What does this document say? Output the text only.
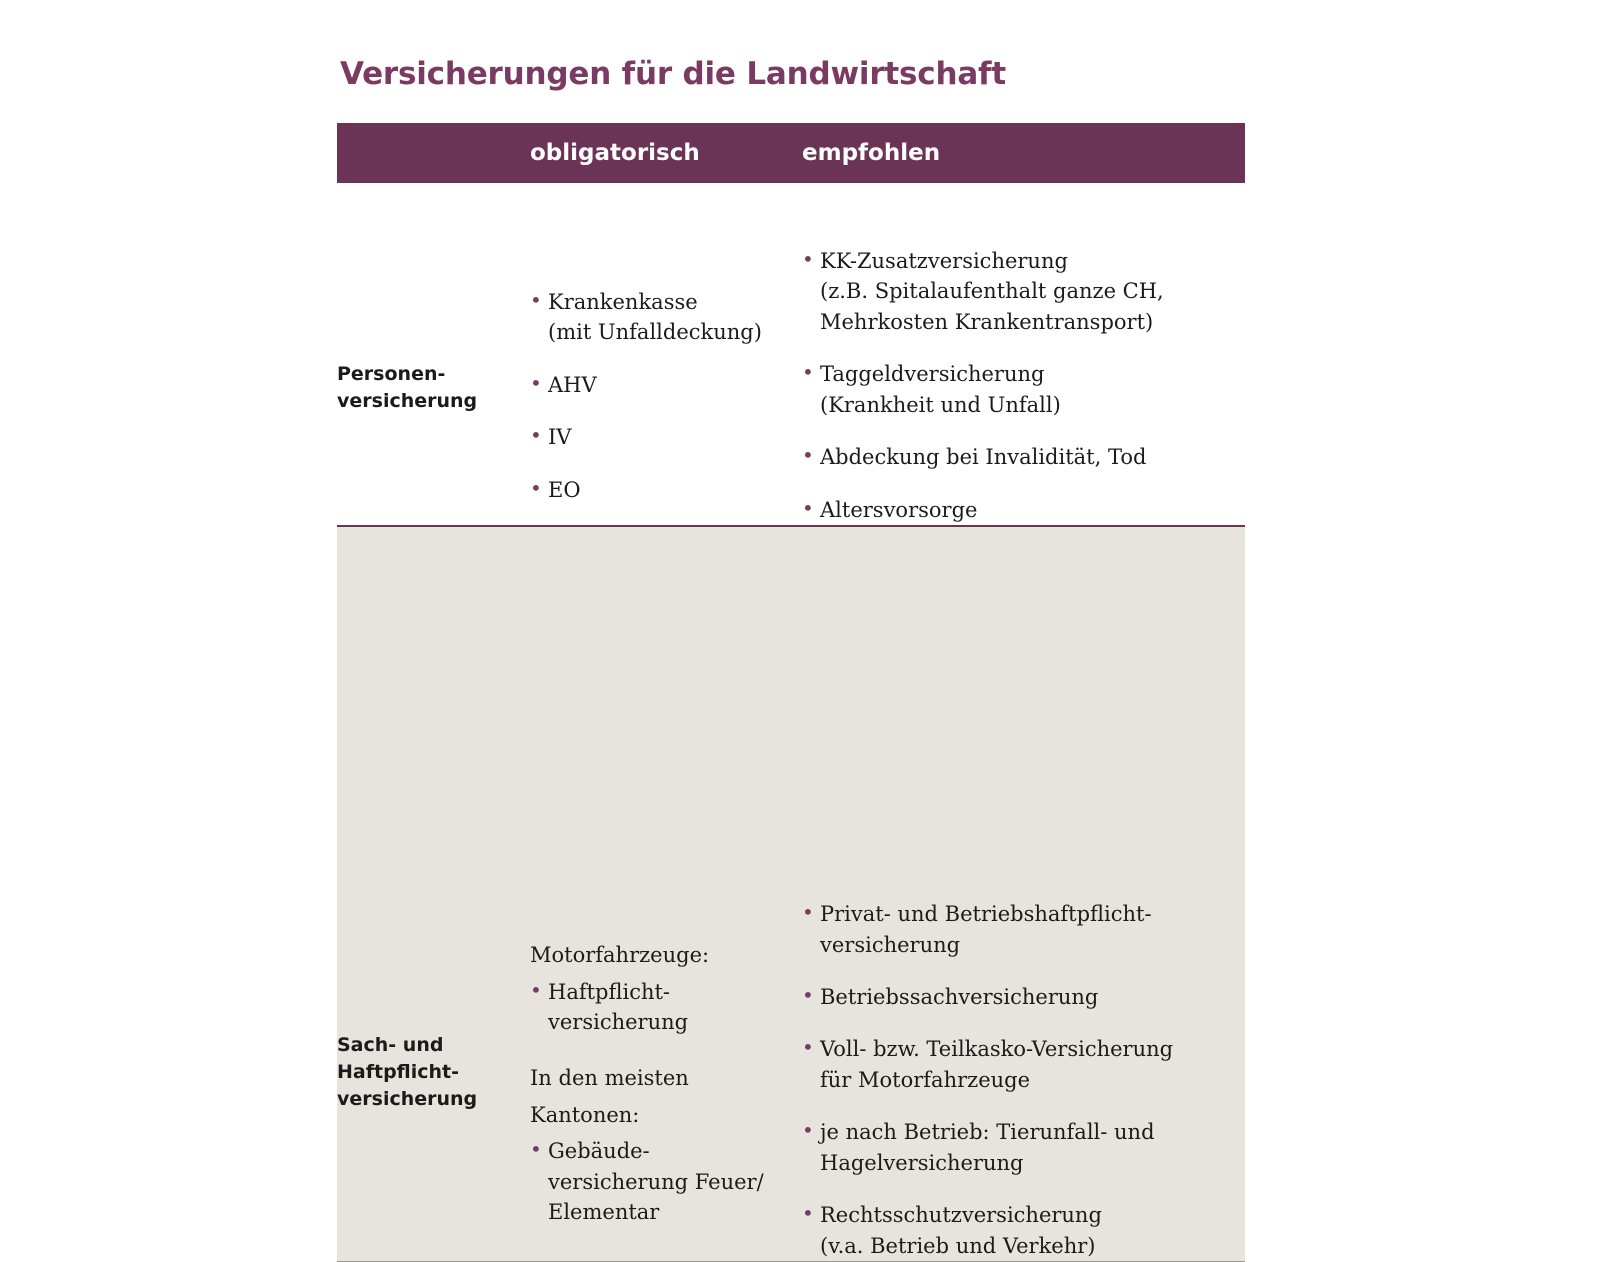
Versicherungen für die Landwirtschaft
obligatorisch	empfohlen
Personen-
versicherung
• Krankenkasse
(mit Unfalldeckung)
• AHV
• IV
• EO
• KK-Zusatzversicherung
(z.B. Spitalaufenthalt ganze CH,
Mehrkosten Krankentransport)
• Taggeldversicherung
(Krankheit und Unfall)
• Abdeckung bei Invalidität, Tod
• Altersvorsorge
Sach- und
Haftpflicht-
versicherung

Motorfahrzeuge:

• Haftpflicht-
versicherung

In den meisten

Kantonen:

• Gebäude-
versicherung Feuer/
Elementar
• Privat- und Betriebshaftpflicht-
versicherung
• Betriebssachversicherung
• Voll- bzw. Teilkasko-Versicherung
für Motorfahrzeuge
• je nach Betrieb: Tierunfall- und
Hagelversicherung
• Rechtsschutzversicherung
(v.a. Betrieb und Verkehr)
